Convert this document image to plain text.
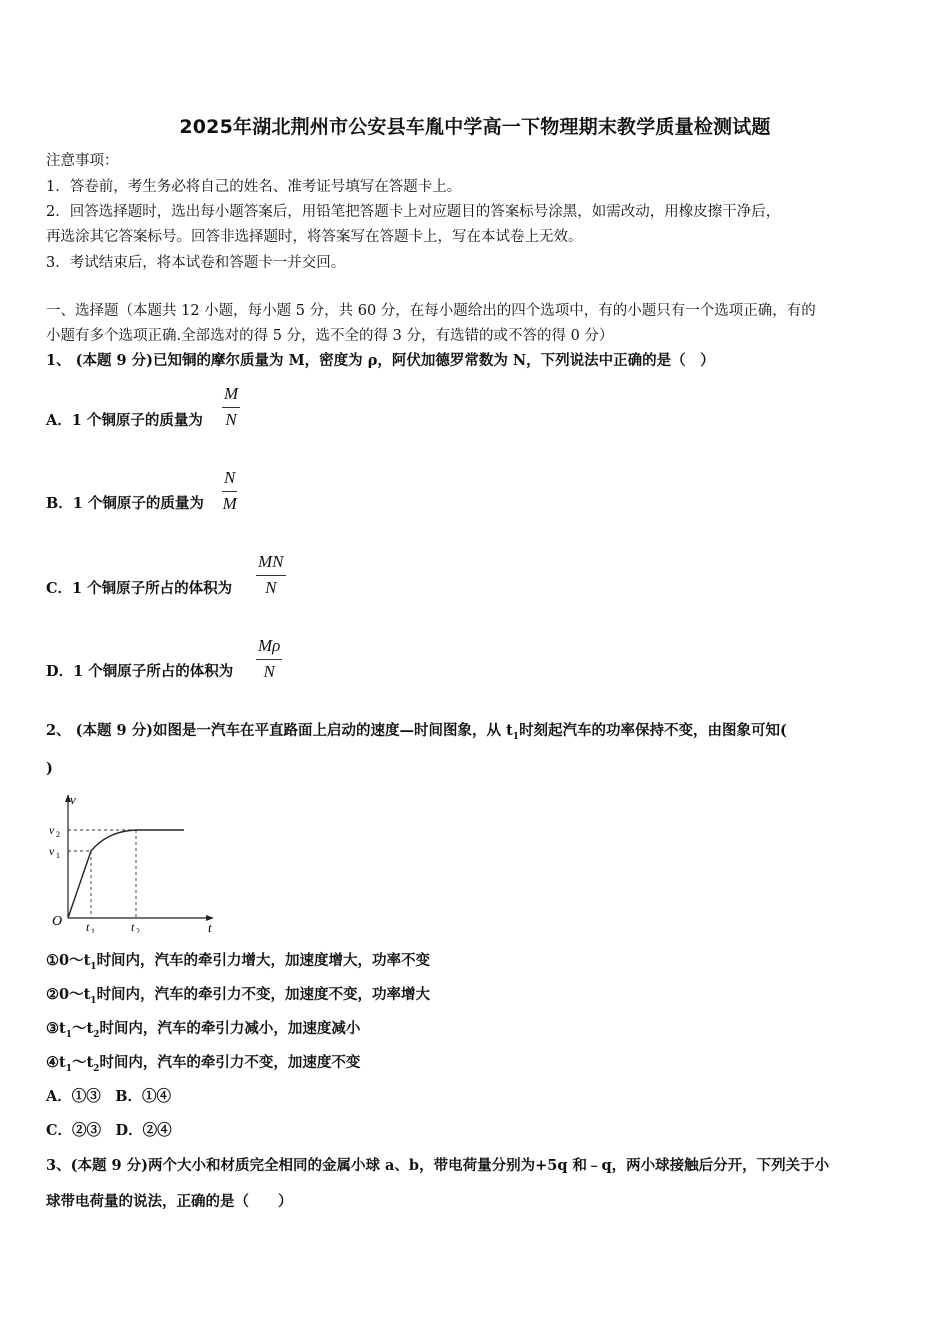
2025年湖北荆州市公安县车胤中学高一下物理期末教学质量检测试题
注意事项：
1．答卷前，考生务必将自己的姓名、准考证号填写在答题卡上。
2．回答选择题时，选出每小题答案后，用铅笔把答题卡上对应题目的答案标号涂黑，如需改动，用橡皮擦干净后，
再选涂其它答案标号。回答非选择题时，将答案写在答题卡上，写在本试卷上无效。
3．考试结束后，将本试卷和答题卡一并交回。
一、选择题（本题共 12 小题，每小题 5 分，共 60 分，在每小题给出的四个选项中，有的小题只有一个选项正确，有的
小题有多个选项正确.全部选对的得 5 分，选不全的得 3 分，有选错的或不答的得 0 分）
1、 (本题 9 分)已知铜的摩尔质量为 M，密度为 ρ，阿伏加德罗常数为 N，下列说法中正确的是（　）
A．1 个铜原子的质量为 $\frac{M}{N}$
B．1 个铜原子的质量为 $\frac{N}{M}$
C．1 个铜原子所占的体积为 $\frac{MN}{N}$
D．1 个铜原子所占的体积为 $\frac{M\rho}{N}$
2、 (本题 9 分)如图是一汽车在平直路面上启动的速度—时间图象，从 $t_1$时刻起汽车的功率保持不变，由图象可知(
)
v
t
O
v 2
v 1
t 1	t 2
$①0\sim t_1$时间内，汽车的牵引力增大，加速度增大，功率不变
$②0\sim t_1$时间内，汽车的牵引力不变，加速度不变，功率增大
$③t_1\sim t_2$时间内，汽车的牵引力减小，加速度减小
$④t_1\sim t_2$时间内，汽车的牵引力不变，加速度不变
A．①③　B．①④
C．②③　D．②④
3、(本题 9 分)两个大小和材质完全相同的金属小球 a、b，带电荷量分别为+5q 和﹣q，两小球接触后分开，下列关于小
球带电荷量的说法，正确的是（　　）
